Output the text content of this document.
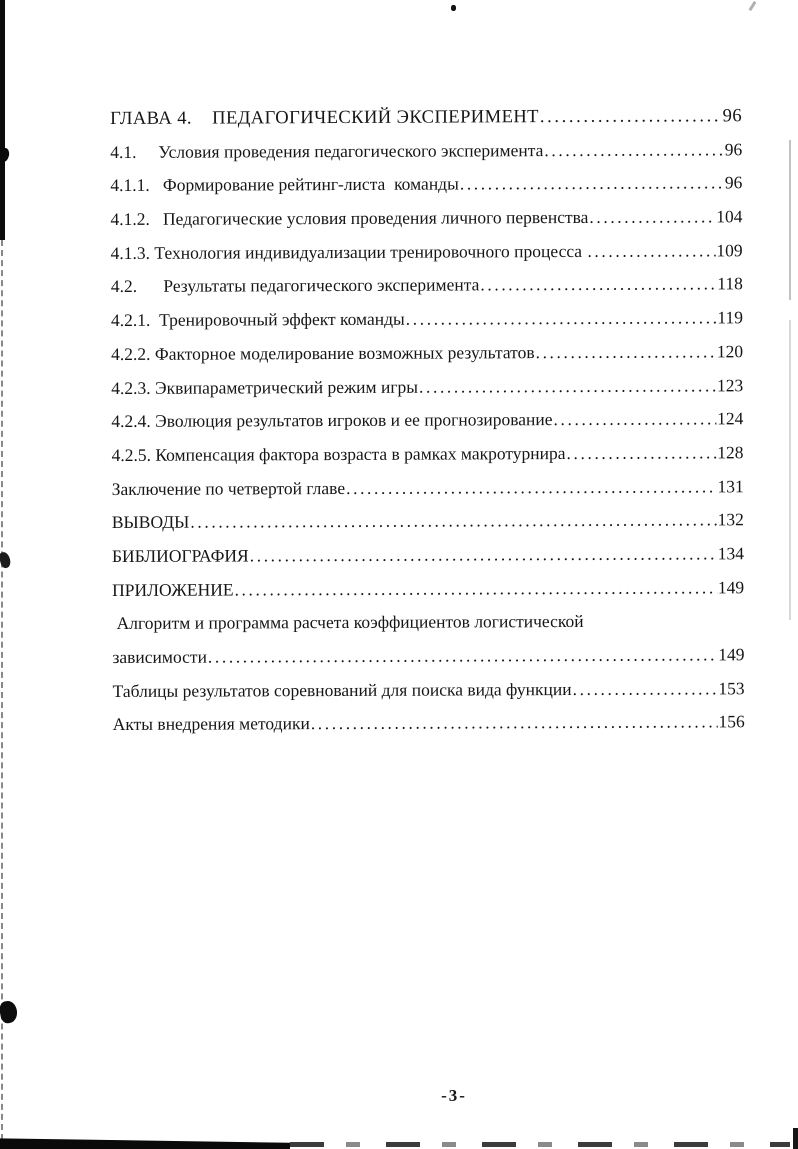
ГЛАВА 4.    ПЕДАГОГИЧЕСКИЙ ЭКСПЕРИМЕНТ .....	96
4.1.     Условия проведения педагогического эксперимента .....	96
4.1.1.   Формирование рейтинг-листа  команды .....	96
4.1.2.   Педагогические условия проведения личного первенства .....	104
4.1.3. Технология индивидуализации тренировочного процесса .....	109
4.2.      Результаты педагогического эксперимента .....	118
4.2.1.  Тренировочный эффект команды .....	119
4.2.2. Факторное моделирование возможных результатов .....	120
4.2.3. Эквипараметрический режим игры .....	123
4.2.4. Эволюция результатов игроков и ее прогнозирование .....	124
4.2.5. Компенсация фактора возраста в рамках макротурнира .....	128
Заключение по четвертой главе .....	131
ВЫВОДЫ .....	132
БИБЛИОГРАФИЯ .....	134
ПРИЛОЖЕНИЕ .....	149
Алгоритм и программа расчета коэффициентов логистической
зависимости .....	149
Таблицы результатов соревнований для поиска вида функции .....	153
Акты внедрения методики .....	156
-3-
